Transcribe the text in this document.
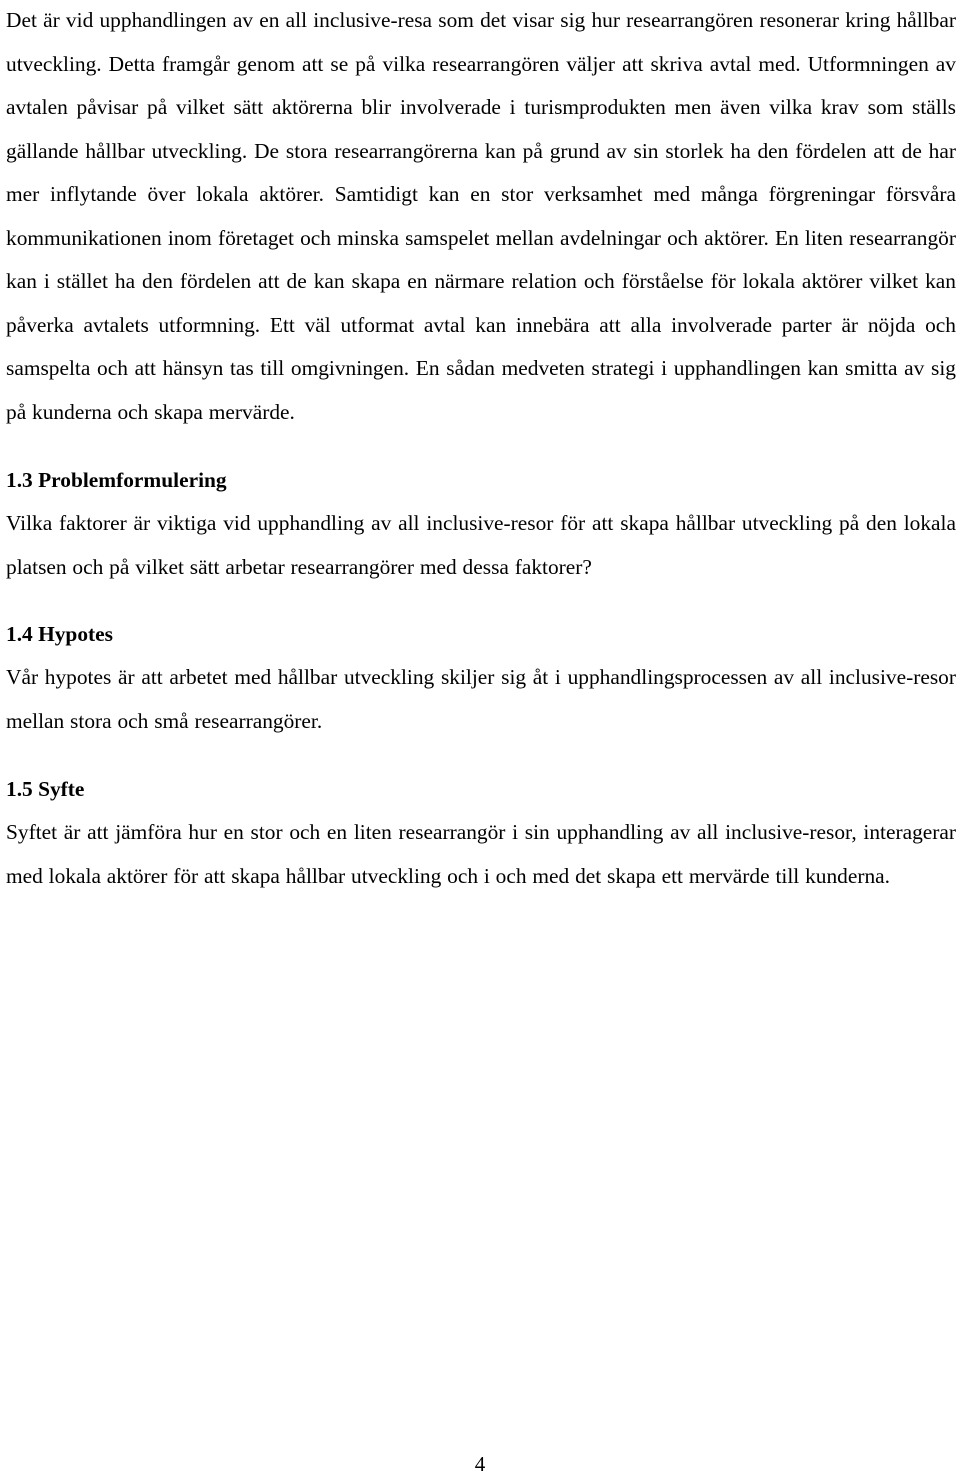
Det är vid upphandlingen av en all inclusive-resa som det visar sig hur researrangören resonerar kring hållbar utveckling. Detta framgår genom att se på vilka researrangören väljer att skriva avtal med. Utformningen av avtalen påvisar på vilket sätt aktörerna blir involverade i turismprodukten men även vilka krav som ställs gällande hållbar utveckling. De stora researrangörerna kan på grund av sin storlek ha den fördelen att de har mer inflytande över lokala aktörer. Samtidigt kan en stor verksamhet med många förgreningar försvåra kommunikationen inom företaget och minska samspelet mellan avdelningar och aktörer. En liten researrangör kan i stället ha den fördelen att de kan skapa en närmare relation och förståelse för lokala aktörer vilket kan påverka avtalets utformning. Ett väl utformat avtal kan innebära att alla involverade parter är nöjda och samspelta och att hänsyn tas till omgivningen. En sådan medveten strategi i upphandlingen kan smitta av sig på kunderna och skapa mervärde.

1.3 Problemformulering

Vilka faktorer är viktiga vid upphandling av all inclusive-resor för att skapa hållbar utveckling på den lokala platsen och på vilket sätt arbetar researrangörer med dessa faktorer?

1.4 Hypotes

Vår hypotes är att arbetet med hållbar utveckling skiljer sig åt i upphandlingsprocessen av all inclusive-resor mellan stora och små researrangörer.

1.5 Syfte

Syftet är att jämföra hur en stor och en liten researrangör i sin upphandling av all inclusive-resor, interagerar med lokala aktörer för att skapa hållbar utveckling och i och med det skapa ett mervärde till kunderna.

4
